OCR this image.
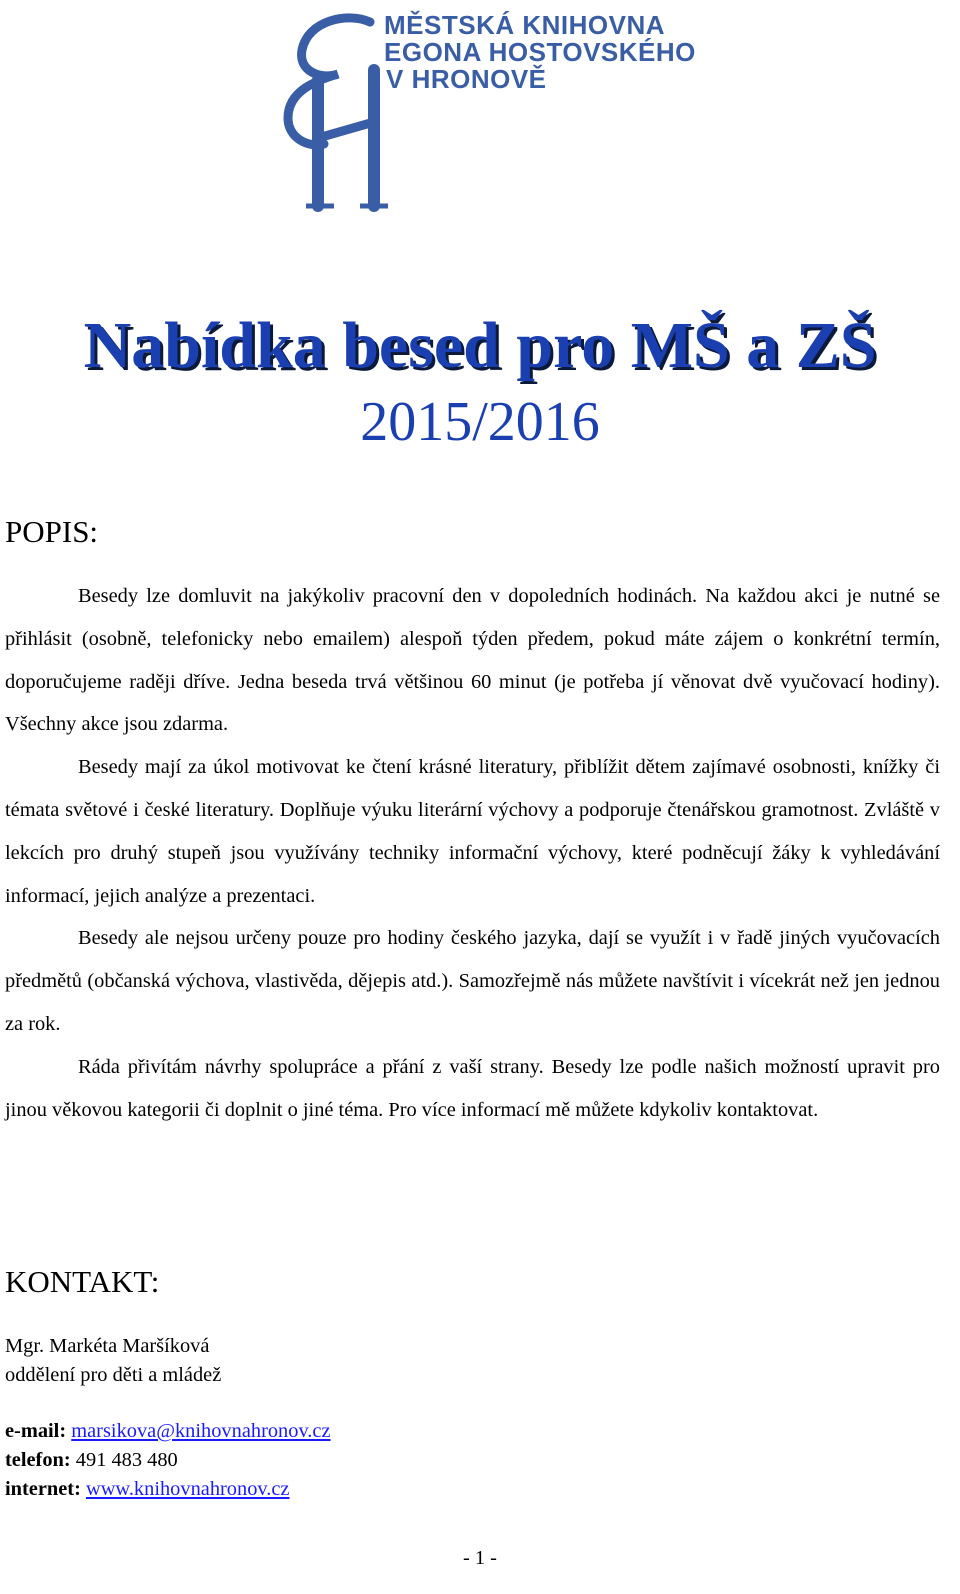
MĚSTSKÁ KNIHOVNA
EGONA HOSTOVSKÉHO
V HRONOVĚ
Nabídka besed pro MŠ a ZŠ
2015/2016
POPIS:

Besedy lze domluvit na jakýkoliv pracovní den v dopoledních hodinách. Na každou akci je nutné se přihlásit (osobně, telefonicky nebo emailem) alespoň týden předem, pokud máte zájem o konkrétní termín, doporučujeme raději dříve. Jedna beseda trvá většinou 60 minut (je potřeba jí věnovat dvě vyučovací hodiny). Všechny akce jsou zdarma.

Besedy mají za úkol motivovat ke čtení krásné literatury, přiblížit dětem zajímavé osobnosti, knížky či témata světové i české literatury. Doplňuje výuku literární výchovy a podporuje čtenářskou gramotnost. Zvláště v lekcích pro druhý stupeň jsou využívány techniky informační výchovy, které podněcují žáky k vyhledávání informací, jejich analýze a prezentaci.

Besedy ale nejsou určeny pouze pro hodiny českého jazyka, dají se využít i v řadě jiných vyučovacích předmětů (občanská výchova, vlastivěda, dějepis atd.). Samozřejmě nás můžete navštívit i vícekrát než jen jednou za rok.

Ráda přivítám návrhy spolupráce a přání z vaší strany. Besedy lze podle našich možností upravit pro jinou věkovou kategorii či doplnit o jiné téma. Pro více informací mě můžete kdykoliv kontaktovat.

KONTAKT:
Mgr. Markéta Maršíková
oddělení pro děti a mládež
e-mail: marsikova@knihovnahronov.cz
telefon: 491 483 480
internet: www.knihovnahronov.cz
- 1 -
